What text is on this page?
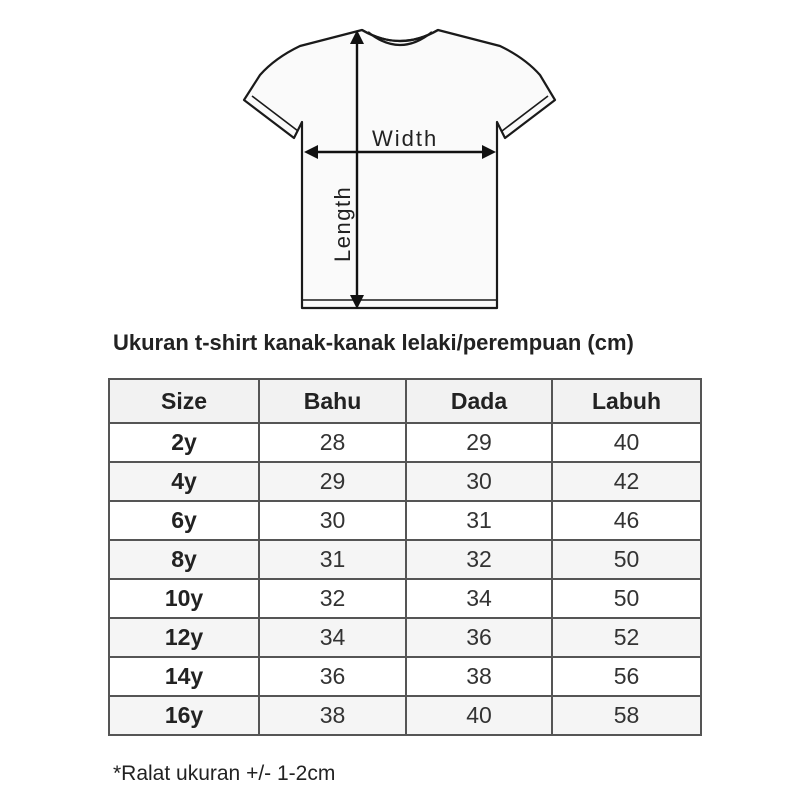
Width
Length
Ukuran t-shirt kanak-kanak lelaki/perempuan (cm)
Size	Bahu	Dada	Labuh
2y	28	29	40
4y	29	30	42
6y	30	31	46
8y	31	32	50
10y	32	34	50
12y	34	36	52
14y	36	38	56
16y	38	40	58
*Ralat ukuran +/- 1-2cm
